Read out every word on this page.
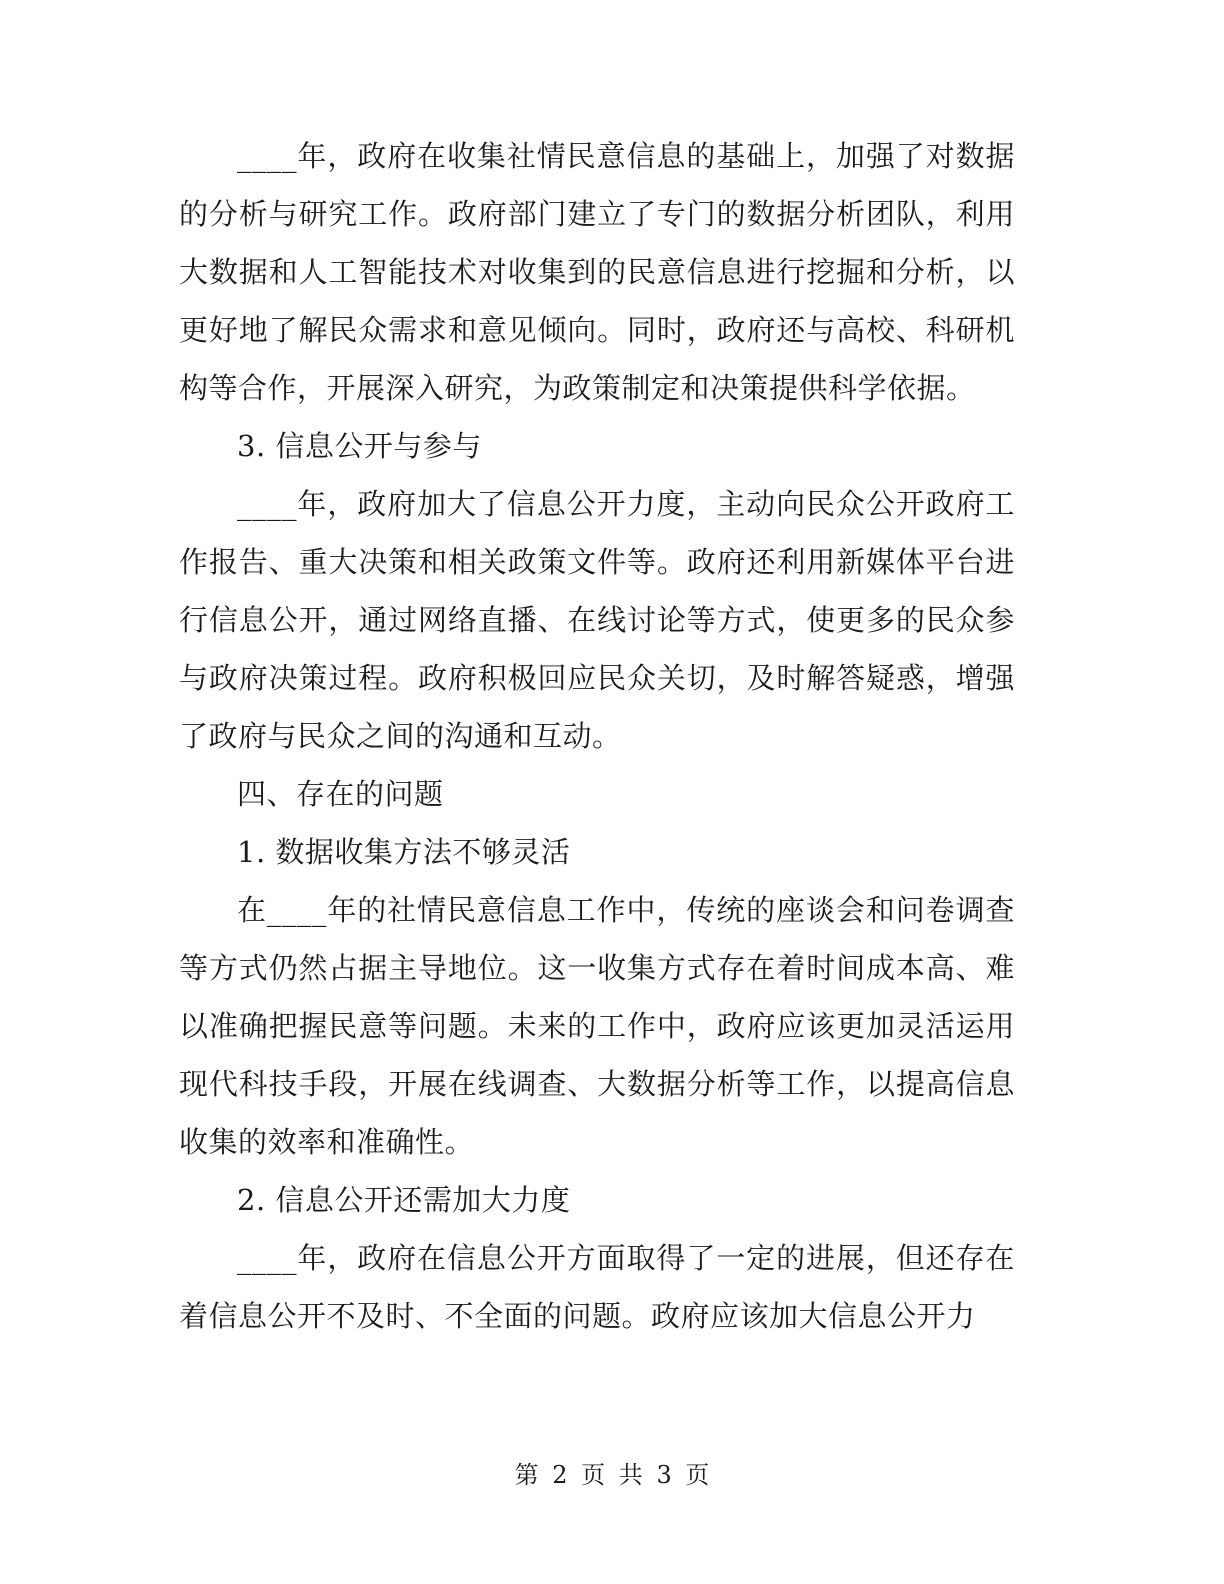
____年，政府在收集社情民意信息的基础上，加强了对数据的分析与研究工作。政府部门建立了专门的数据分析团队，利用大数据和人工智能技术对收集到的民意信息进行挖掘和分析，以更好地了解民众需求和意见倾向。同时，政府还与高校、科研机构等合作，开展深入研究，为政策制定和决策提供科学依据。

3. 信息公开与参与

____年，政府加大了信息公开力度，主动向民众公开政府工作报告、重大决策和相关政策文件等。政府还利用新媒体平台进行信息公开，通过网络直播、在线讨论等方式，使更多的民众参与政府决策过程。政府积极回应民众关切，及时解答疑惑，增强了政府与民众之间的沟通和互动。

四、存在的问题

1. 数据收集方法不够灵活

在____年的社情民意信息工作中，传统的座谈会和问卷调查等方式仍然占据主导地位。这一收集方式存在着时间成本高、难以准确把握民意等问题。未来的工作中，政府应该更加灵活运用现代科技手段，开展在线调查、大数据分析等工作，以提高信息收集的效率和准确性。

2. 信息公开还需加大力度

____年，政府在信息公开方面取得了一定的进展，但还存在着信息公开不及时、不全面的问题。政府应该加大信息公开力

第 2 页 共 3 页
